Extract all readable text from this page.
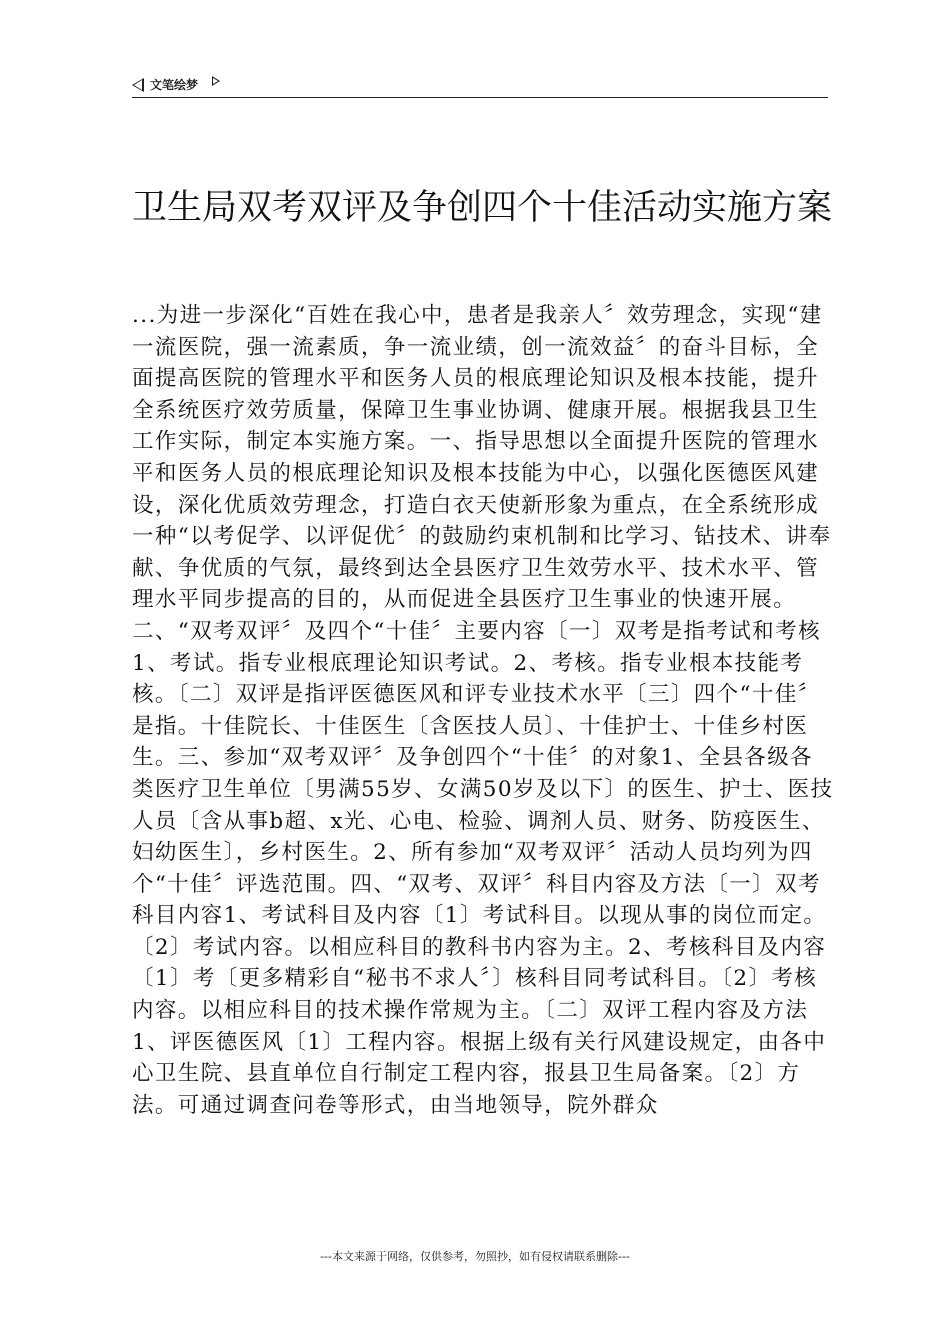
文笔绘梦
卫生局双考双评及争创四个十佳活动实施方案

...为进一步深化“百姓在我心中，患者是我亲人〞效劳理念，实现“建一流医院，强一流素质，争一流业绩，创一流效益〞的奋斗目标，全面提高医院的管理水平和医务人员的根底理论知识及根本技能，提升全系统医疗效劳质量，保障卫生事业协调、健康开展。根据我县卫生工作实际，制定本实施方案。一、指导思想以全面提升医院的管理水平和医务人员的根底理论知识及根本技能为中心，以强化医德医风建设，深化优质效劳理念，打造白衣天使新形象为重点，在全系统形成一种“以考促学、以评促优〞的鼓励约束机制和比学习、钻技术、讲奉献、争优质的气氛，最终到达全县医疗卫生效劳水平、技术水平、管理水平同步提高的目的，从而促进全县医疗卫生事业的快速开展。二、“双考双评〞及四个“十佳〞主要内容〔一〕双考是指考试和考核1、考试。指专业根底理论知识考试。2、考核。指专业根本技能考核。〔二〕双评是指评医德医风和评专业技术水平〔三〕四个“十佳〞是指。十佳院长、十佳医生〔含医技人员〕、十佳护士、十佳乡村医生。三、参加“双考双评〞及争创四个“十佳〞的对象1、全县各级各类医疗卫生单位〔男满55岁、女满50岁及以下〕的医生、护士、医技人员〔含从事b超、x光、心电、检验、调剂人员、财务、防疫医生、妇幼医生〕，乡村医生。2、所有参加“双考双评〞活动人员均列为四个“十佳〞评选范围。四、“双考、双评〞科目内容及方法〔一〕双考科目内容1、考试科目及内容〔1〕考试科目。以现从事的岗位而定。〔2〕考试内容。以相应科目的教科书内容为主。2、考核科目及内容〔1〕考〔更多精彩自“秘书不求人〞〕核科目同考试科目。〔2〕考核内容。以相应科目的技术操作常规为主。〔二〕双评工程内容及方法1、评医德医风〔1〕工程内容。根据上级有关行风建设规定，由各中心卫生院、县直单位自行制定工程内容，报县卫生局备案。〔2〕方法。可通过调查问卷等形式，由当地领导，院外群众

---本文来源于网络，仅供参考，勿照抄，如有侵权请联系删除---
